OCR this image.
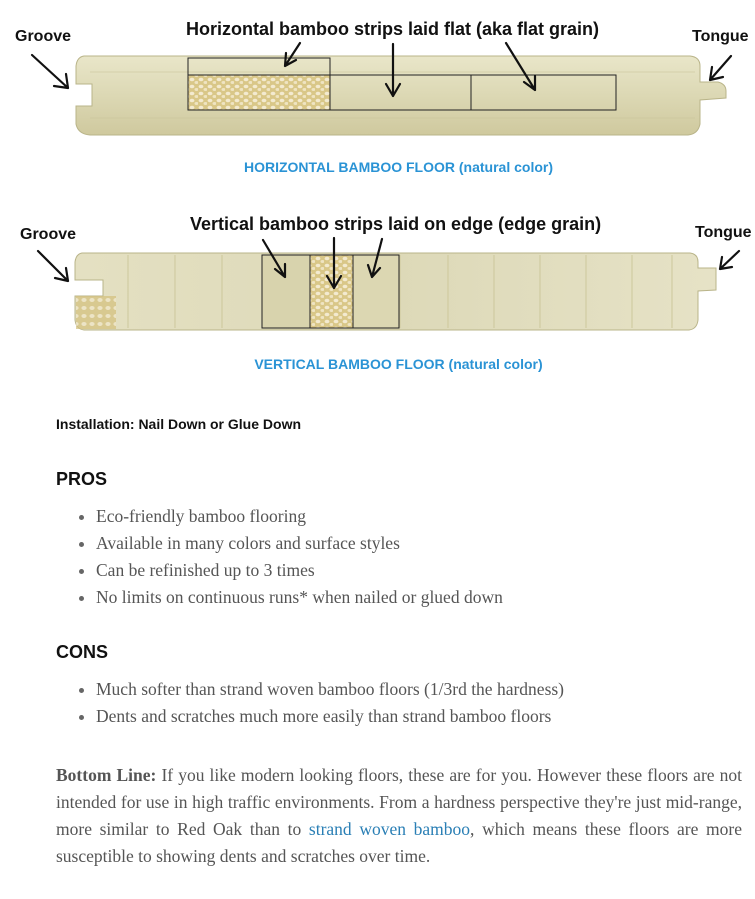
Horizontal bamboo strips laid flat (aka flat grain)
Groove	Tongue
HORIZONTAL BAMBOO FLOOR (natural color)
Vertical bamboo strips laid on edge (edge grain)
Groove	Tongue
VERTICAL BAMBOO FLOOR (natural color)
Installation: Nail Down or Glue Down
PROS
Eco-friendly bamboo flooring
Available in many colors and surface styles
Can be refinished up to 3 times
No limits on continuous runs* when nailed or glued down
CONS
Much softer than strand woven bamboo floors (1/3rd the hardness)
Dents and scratches much more easily than strand bamboo floors

Bottom Line: If you like modern looking floors, these are for you. However these floors are not intended for use in high traffic environments. From a hardness perspective they're just mid-range, more similar to Red Oak than to strand woven bamboo, which means these floors are more susceptible to showing dents and scratches over time.
